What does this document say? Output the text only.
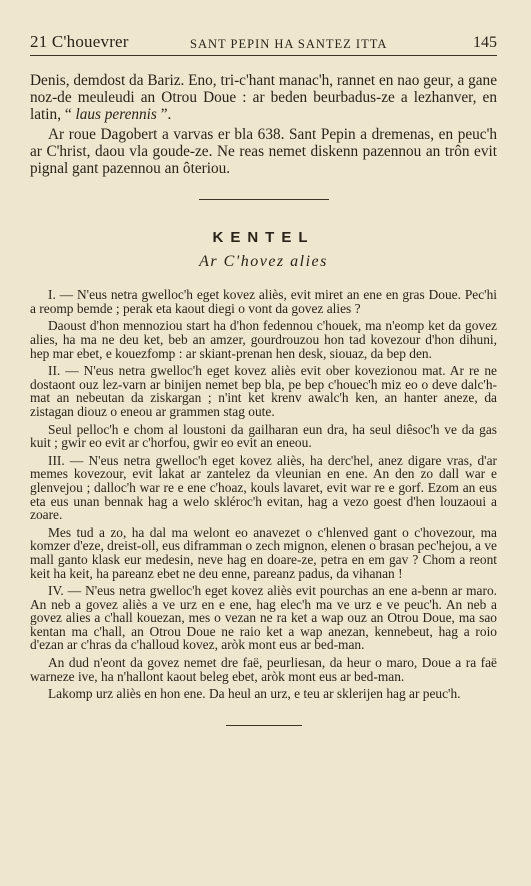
21 C'houevrer	SANT PEPIN HA SANTEZ ITTA	145

Denis, demdost da Bariz. Eno, tri-c'hant manac'h, rannet en nao geur, a gane noz-de meuleudi an Otrou Doue : ar beden beurbadus-ze a lezhanver, en latin, “ laus perennis ”.

Ar roue Dagobert a varvas er bla 638. Sant Pepin a dremenas, en peuc'h ar C'hrist, daou vla goude-ze. Ne reas nemet diskenn pazennou an trôn evit pignal gant pazennou an ôteriou.

KENTEL
Ar C'hovez alies

I. — N'eus netra gwelloc'h eget kovez aliès, evit miret an ene en gras Doue. Pec'hi a reomp bemde ; perak eta kaout diegi o vont da govez alies ?

Daoust d'hon mennoziou start ha d'hon fedennou c'houek, ma n'eomp ket da govez alies, ha ma ne deu ket, beb an amzer, gourdrouzou hon tad kovezour d'hon dihuni, hep mar ebet, e kouezfomp : ar skiant-prenan hen desk, siouaz, da bep den.

II. — N'eus netra gwelloc'h eget kovez aliès evit ober kovezionou mat. Ar re ne dostaont ouz lez-varn ar binijen nemet bep bla, pe bep c'houec'h miz eo o deve dalc'h-mat an nebeutan da ziskargan ; n'int ket krenv awalc'h ken, an hanter aneze, da zistagan diouz o eneou ar grammen stag oute.

Seul pelloc'h e chom al loustoni da gailharan eun dra, ha seul diêsoc'h ve da gas kuit ; gwir eo evit ar c'horfou, gwir eo evit an eneou.

III. — N'eus netra gwelloc'h eget kovez aliès, ha derc'hel, anez digare vras, d'ar memes kovezour, evit lakat ar zantelez da vleunian en ene. An den zo dall war e glenvejou ; dalloc'h war re e ene c'hoaz, kouls lavaret, evit war re e gorf. Ezom an eus eta eus unan bennak hag a welo skléroc'h evitan, hag a vezo goest d'hen louzaoui a zoare.

Mes tud a zo, ha dal ma welont eo anavezet o c'hlenved gant o c'hovezour, ma komzer d'eze, dreist-oll, eus diframman o zech mignon, elenen o brasan pec'hejou, a ve mall ganto klask eur medesin, neve hag en doare-ze, petra en em gav ? Chom a reont keit ha keit, ha pareanz ebet ne deu enne, pareanz padus, da vihanan !

IV. — N'eus netra gwelloc'h eget kovez aliès evit pourchas an ene a-benn ar maro. An neb a govez aliès a ve urz en e ene, hag elec'h ma ve urz e ve peuc'h. An neb a govez alies a c'hall kouezan, mes o vezan ne ra ket a wap ouz an Otrou Doue, ma sao kentan ma c'hall, an Otrou Doue ne raio ket a wap anezan, kennebeut, hag a roio d'ezan ar c'hras da c'halloud kovez, aròk mont eus ar bed-man.

An dud n'eont da govez nemet dre faë, peurliesan, da heur o maro, Doue a ra faë warneze ive, ha n'hallont kaout beleg ebet, aròk mont eus ar bed-man.

Lakomp urz aliès en hon ene. Da heul an urz, e teu ar sklerijen hag ar peuc'h.
